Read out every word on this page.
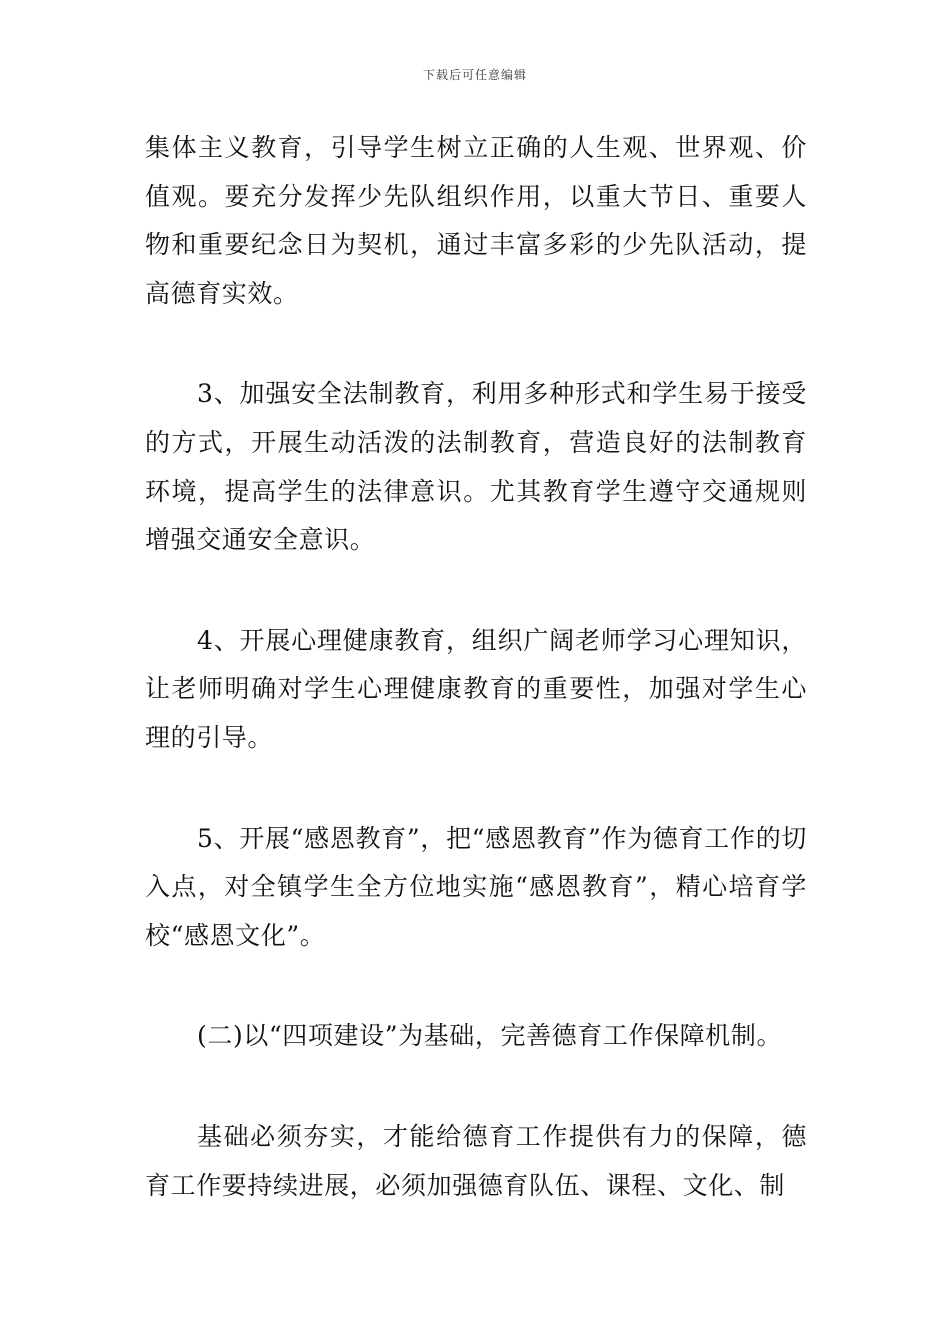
下载后可任意编辑

集体主义教育，引导学生树立正确的人生观、世界观、价值观。要充分发挥少先队组织作用，以重大节日、重要人物和重要纪念日为契机，通过丰富多彩的少先队活动，提高德育实效。

3、加强安全法制教育，利用多种形式和学生易于接受的方式，开展生动活泼的法制教育，营造良好的法制教育环境，提高学生的法律意识。尤其教育学生遵守交通规则增强交通安全意识。

4、开展心理健康教育，组织广阔老师学习心理知识，让老师明确对学生心理健康教育的重要性，加强对学生心理的引导。

5、开展“感恩教育”，把“感恩教育”作为德育工作的切入点，对全镇学生全方位地实施“感恩教育”，精心培育学校“感恩文化”。

(二)以“四项建设”为基础，完善德育工作保障机制。

基础必须夯实，才能给德育工作提供有力的保障，德育工作要持续进展，必须加强德育队伍、课程、文化、制
